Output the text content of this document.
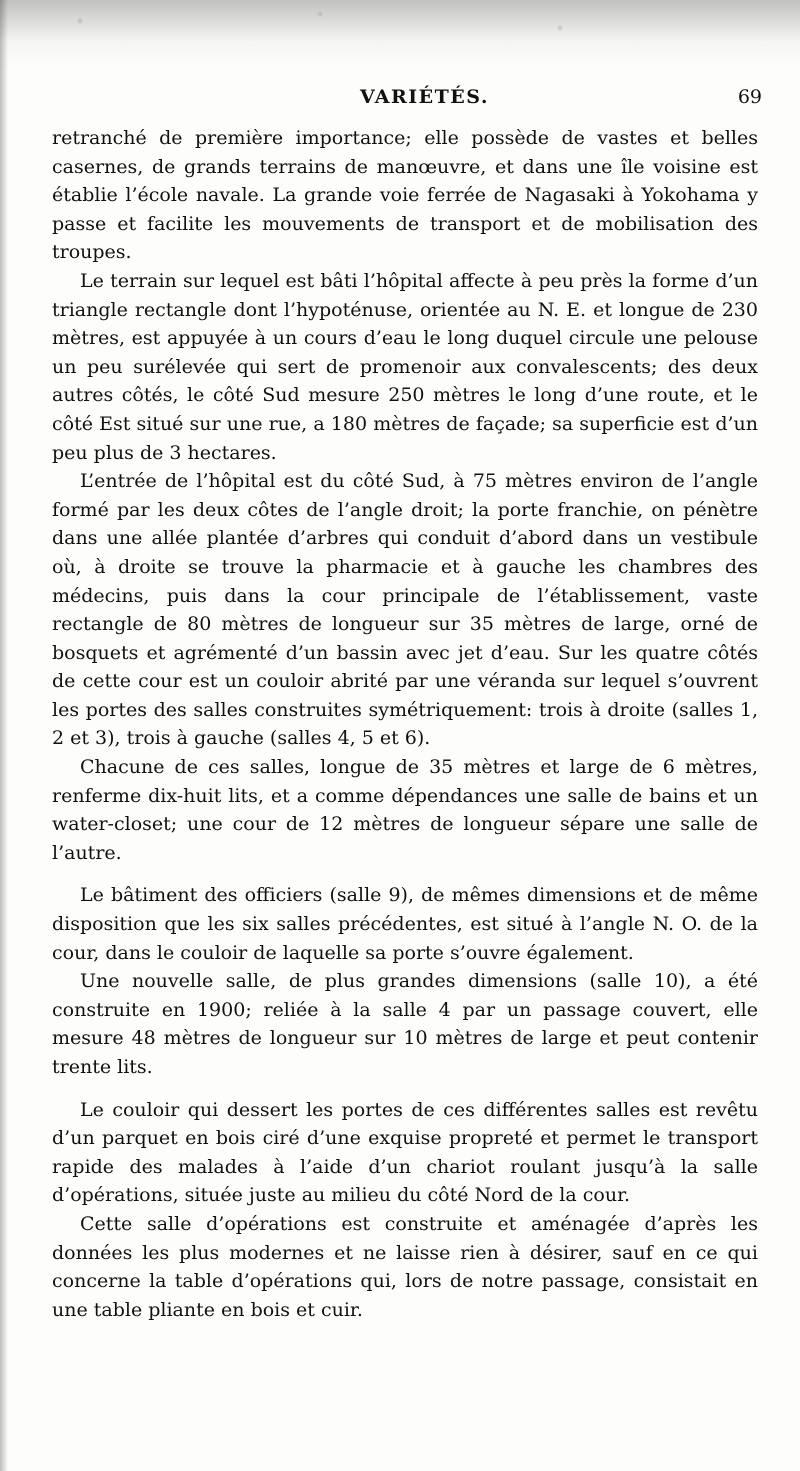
VARIÉTÉS.	69

retranché de première importance; elle possède de vastes et belles casernes, de grands terrains de manœuvre, et dans une île voisine est établie l’école navale. La grande voie ferrée de Nagasaki à Yokohama y passe et facilite les mouvements de transport et de mobilisation des troupes.

Le terrain sur lequel est bâti l’hôpital affecte à peu près la forme d’un triangle rectangle dont l’hypoténuse, orientée au N. E. et longue de 230 mètres, est appuyée à un cours d’eau le long duquel circule une pelouse un peu surélevée qui sert de promenoir aux convalescents; des deux autres côtés, le côté Sud mesure 250 mètres le long d’une route, et le côté Est situé sur une rue, a 180 mètres de façade; sa superficie est d’un peu plus de 3 hectares.

L’entrée de l’hôpital est du côté Sud, à 75 mètres environ de l’angle formé par les deux côtes de l’angle droit; la porte franchie, on pénètre dans une allée plantée d’arbres qui conduit d’abord dans un vestibule où, à droite se trouve la pharmacie et à gauche les chambres des médecins, puis dans la cour principale de l’établissement, vaste rectangle de 80 mètres de longueur sur 35 mètres de large, orné de bosquets et agrémenté d’un bassin avec jet d’eau. Sur les quatre côtés de cette cour est un couloir abrité par une véranda sur lequel s’ouvrent les portes des salles construites symétriquement: trois à droite (salles 1, 2 et 3), trois à gauche (salles 4, 5 et 6).

Chacune de ces salles, longue de 35 mètres et large de 6 mètres, renferme dix-huit lits, et a comme dépendances une salle de bains et un water-closet; une cour de 12 mètres de longueur sépare une salle de l’autre.

Le bâtiment des officiers (salle 9), de mêmes dimensions et de même disposition que les six salles précédentes, est situé à l’angle N. O. de la cour, dans le couloir de laquelle sa porte s’ouvre également.

Une nouvelle salle, de plus grandes dimensions (salle 10), a été construite en 1900; reliée à la salle 4 par un passage couvert, elle mesure 48 mètres de longueur sur 10 mètres de large et peut contenir trente lits.

Le couloir qui dessert les portes de ces différentes salles est revêtu d’un parquet en bois ciré d’une exquise propreté et permet le transport rapide des malades à l’aide d’un chariot roulant jusqu’à la salle d’opérations, située juste au milieu du côté Nord de la cour.

Cette salle d’opérations est construite et aménagée d’après les données les plus modernes et ne laisse rien à désirer, sauf en ce qui concerne la table d’opérations qui, lors de notre passage, consistait en une table pliante en bois et cuir.
